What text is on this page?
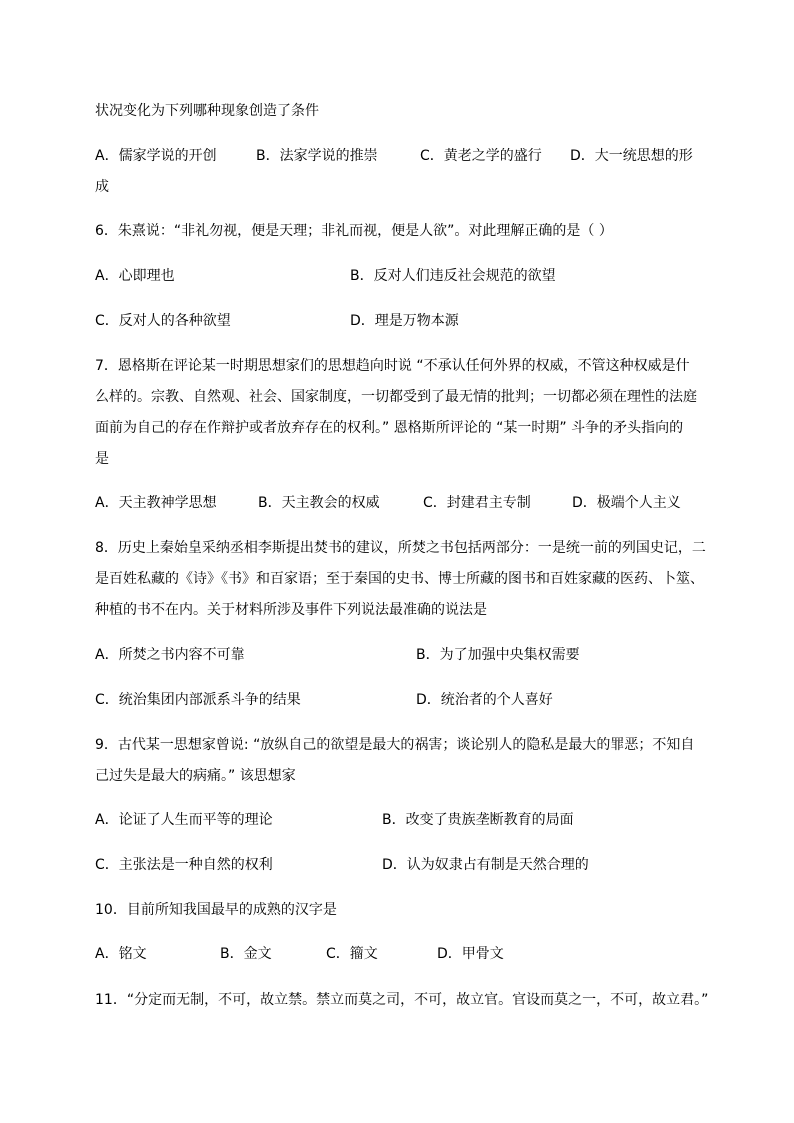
状况变化为下列哪种现象创造了条件
A．儒家学说的开创	B．法家学说的推崇	C．黄老之学的盛行 D．大一统思想的形
成
6．朱熹说：“非礼勿视，便是天理；非礼而视，便是人欲”。对此理解正确的是（ ）
A．心即理也	B．反对人们违反社会规范的欲望
C．反对人的各种欲望	D．理是万物本源
7．恩格斯在评论某一时期思想家们的思想趋向时说 “不承认任何外界的权威，不管这种权威是什
么样的。宗教、自然观、社会、国家制度，一切都受到了最无情的批判；一切都必须在理性的法庭
面前为自己的存在作辩护或者放弃存在的权利。” 恩格斯所评论的 “某一时期” 斗争的矛头指向的
是
A．天主教神学思想	B．天主教会的权威	C．封建君主专制	D．极端个人主义
8．历史上秦始皇采纳丞相李斯提出焚书的建议，所焚之书包括两部分：一是统一前的列国史记，二
是百姓私藏的《诗》《书》和百家语；至于秦国的史书、博士所藏的图书和百姓家藏的医药、卜筮、
种植的书不在内。关于材料所涉及事件下列说法最准确的说法是
A．所焚之书内容不可靠	B．为了加强中央集权需要
C．统治集团内部派系斗争的结果	D．统治者的个人喜好
9．古代某一思想家曾说: “放纵自己的欲望是最大的祸害；谈论别人的隐私是最大的罪恶；不知自
己过失是最大的病痛。” 该思想家
A．论证了人生而平等的理论	B．改变了贵族垄断教育的局面
C．主张法是一种自然的权利	D．认为奴隶占有制是天然合理的
10．目前所知我国最早的成熟的汉字是
A．铭文	B．金文	C．籀文	D．甲骨文
11．“分定而无制，不可，故立禁。禁立而莫之司，不可，故立官。官设而莫之一，不可，故立君。”
